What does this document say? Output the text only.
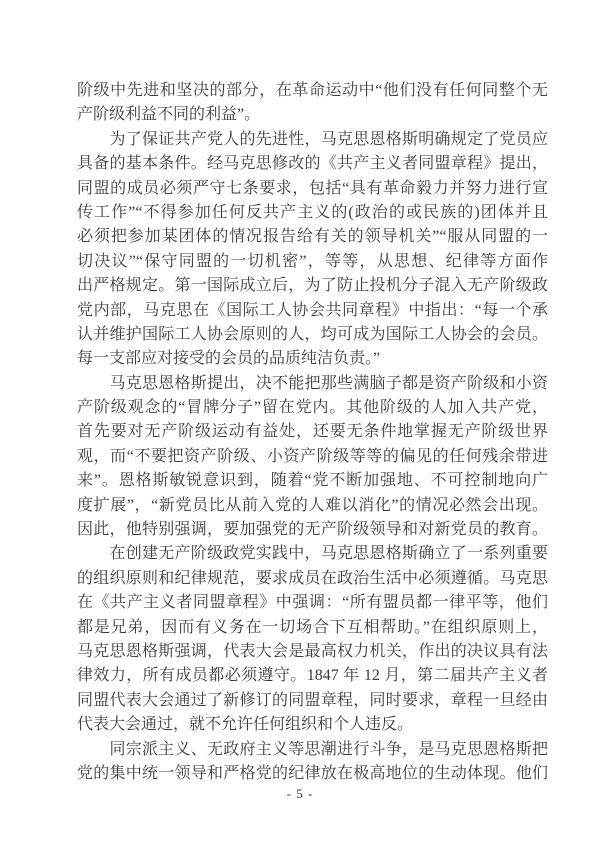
阶级中先进和坚决的部分，在革命运动中“他们没有任何同整个无
产阶级利益不同的利益”。
　　为了保证共产党人的先进性，马克思恩格斯明确规定了党员应
具备的基本条件。经马克思修改的《共产主义者同盟章程》提出，
同盟的成员必须严守七条要求，包括“具有革命毅力并努力进行宣
传工作”“不得参加任何反共产主义的(政治的或民族的)团体并且
必须把参加某团体的情况报告给有关的领导机关”“服从同盟的一
切决议”“保守同盟的一切机密”，等等，从思想、纪律等方面作
出严格规定。第一国际成立后，为了防止投机分子混入无产阶级政
党内部，马克思在《国际工人协会共同章程》中指出：“每一个承
认并维护国际工人协会原则的人，均可成为国际工人协会的会员。
每一支部应对接受的会员的品质纯洁负责。”
　　马克思恩格斯提出，决不能把那些满脑子都是资产阶级和小资
产阶级观念的“冒牌分子”留在党内。其他阶级的人加入共产党，
首先要对无产阶级运动有益处，还要无条件地掌握无产阶级世界
观，而“不要把资产阶级、小资产阶级等等的偏见的任何残余带进
来”。恩格斯敏锐意识到，随着“党不断加强地、不可控制地向广
度扩展”，“新党员比从前入党的人难以消化”的情况必然会出现。
因此，他特别强调，要加强党的无产阶级领导和对新党员的教育。
　　在创建无产阶级政党实践中，马克思恩格斯确立了一系列重要
的组织原则和纪律规范，要求成员在政治生活中必须遵循。马克思
在《共产主义者同盟章程》中强调：“所有盟员都一律平等，他们
都是兄弟，因而有义务在一切场合下互相帮助。”在组织原则上，
马克思恩格斯强调，代表大会是最高权力机关，作出的决议具有法
律效力，所有成员都必须遵守。1847 年 12 月，第二届共产主义者
同盟代表大会通过了新修订的同盟章程，同时要求，章程一旦经由
代表大会通过，就不允许任何组织和个人违反。
　　同宗派主义、无政府主义等思潮进行斗争，是马克思恩格斯把
党的集中统一领导和严格党的纪律放在极高地位的生动体现。他们
- 5 -
